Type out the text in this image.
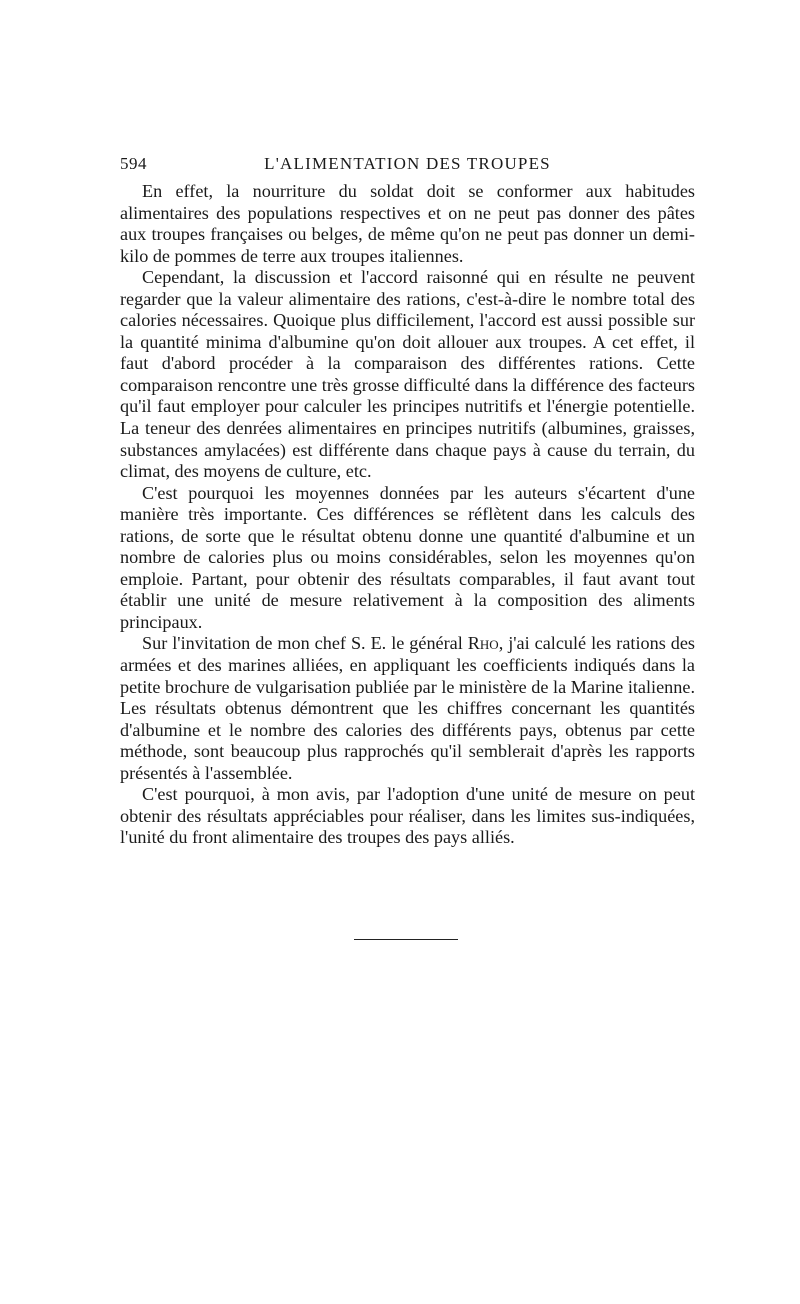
594	L'ALIMENTATION DES TROUPES

En effet, la nourriture du soldat doit se conformer aux habitudes alimentaires des populations respectives et on ne peut pas donner des pâtes aux troupes françaises ou belges, de même qu'on ne peut pas donner un demi-kilo de pommes de terre aux troupes italiennes.

Cependant, la discussion et l'accord raisonné qui en résulte ne peuvent regarder que la valeur alimentaire des rations, c'est-à-dire le nombre total des calories nécessaires. Quoique plus difficilement, l'accord est aussi possible sur la quantité minima d'albumine qu'on doit allouer aux troupes. A cet effet, il faut d'abord procéder à la comparaison des différentes rations. Cette comparaison rencontre une très grosse difficulté dans la différence des facteurs qu'il faut employer pour calculer les principes nutritifs et l'énergie potentielle. La teneur des denrées alimentaires en principes nutritifs (albumines, graisses, substances amylacées) est différente dans chaque pays à cause du terrain, du climat, des moyens de culture, etc.

C'est pourquoi les moyennes données par les auteurs s'écartent d'une manière très importante. Ces différences se réflètent dans les calculs des rations, de sorte que le résultat obtenu donne une quantité d'albumine et un nombre de calories plus ou moins considérables, selon les moyennes qu'on emploie. Partant, pour obtenir des résultats comparables, il faut avant tout établir une unité de mesure relativement à la composition des aliments principaux.

Sur l'invitation de mon chef S. E. le général Rho, j'ai calculé les rations des armées et des marines alliées, en appliquant les coefficients indiqués dans la petite brochure de vulgarisation publiée par le ministère de la Marine italienne. Les résultats obtenus démontrent que les chiffres concernant les quantités d'albumine et le nombre des calories des différents pays, obtenus par cette méthode, sont beaucoup plus rapprochés qu'il semblerait d'après les rapports présentés à l'assemblée.

C'est pourquoi, à mon avis, par l'adoption d'une unité de mesure on peut obtenir des résultats appréciables pour réaliser, dans les limites sus-indiquées, l'unité du front alimentaire des troupes des pays alliés.
